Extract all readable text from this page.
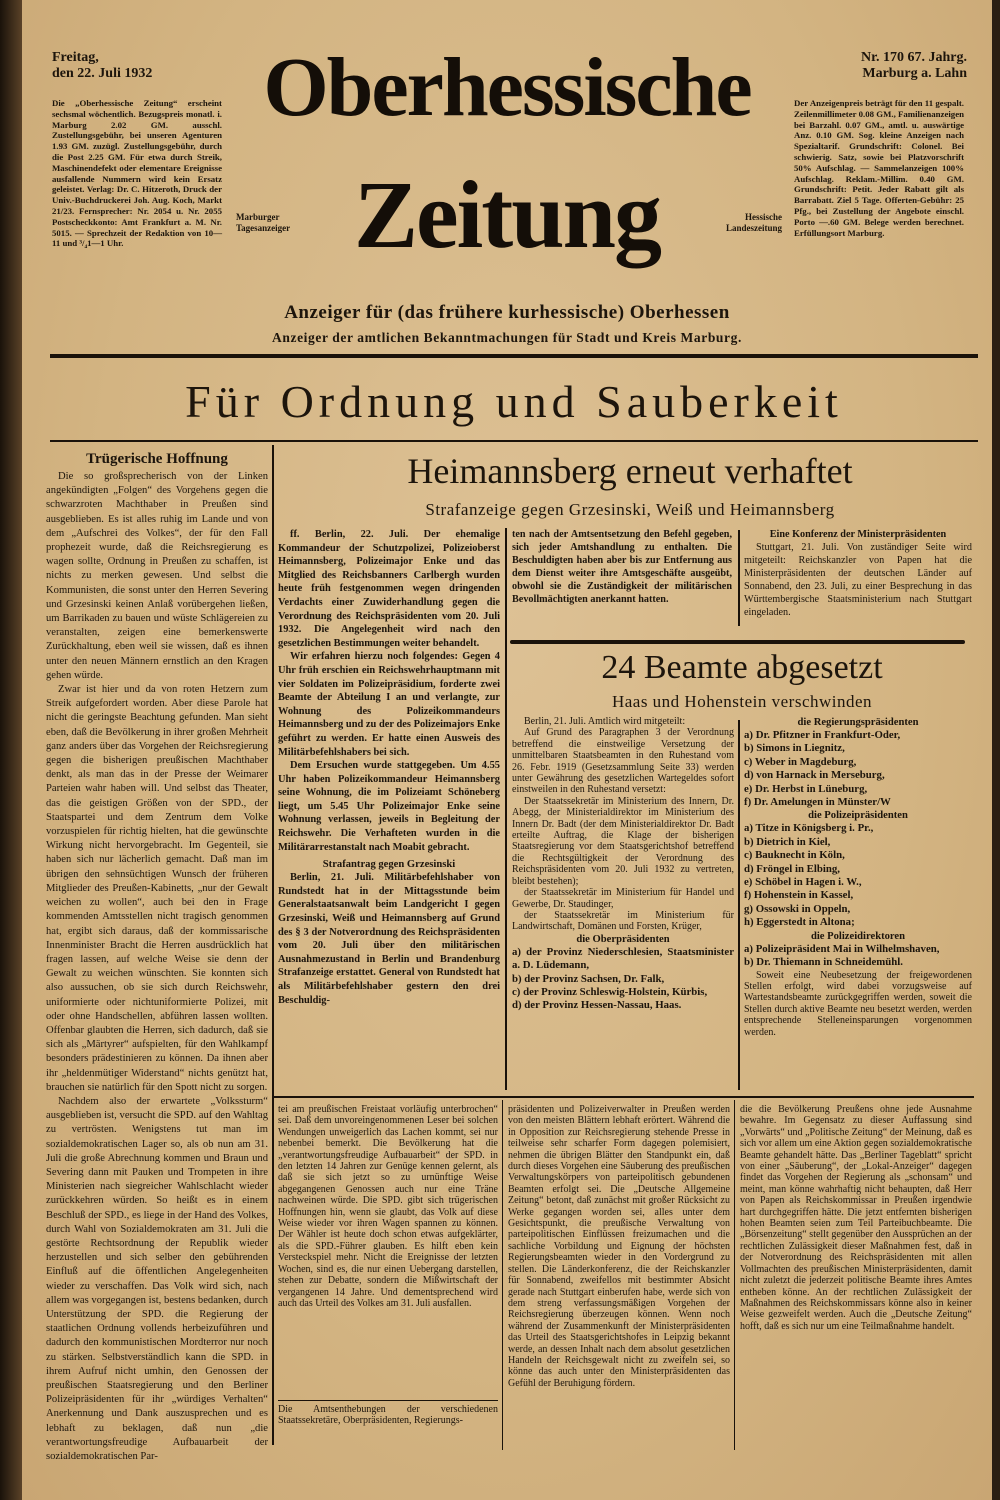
Freitag,
den 22. Juli 1932
Die „Oberhessische Zeitung“ erscheint sechsmal wöchentlich. Bezugspreis monatl. i. Marburg 2.02 GM. ausschl. Zustellungsgebühr, bei unseren Agenturen 1.93 GM. zuzügl. Zustellungsgebühr, durch die Post 2.25 GM. Für etwa durch Streik, Maschinendefekt oder elementare Ereignisse ausfallende Nummern wird kein Ersatz geleistet. Verlag: Dr. C. Hitzeroth, Druck der Univ.-Buchdruckerei Joh. Aug. Koch, Markt 21/23. Fernsprecher: Nr. 2054 u. Nr. 2055 Postscheckkonto: Amt Frankfurt a. M. Nr. 5015. — Sprechzeit der Redaktion von 10—11 und ³/₄1—1 Uhr.
Nr. 170 67. Jahrg.
Marburg a. Lahn
Der Anzeigenpreis beträgt für den 11 gespalt. Zeilenmillimeter 0.08 GM., Familienanzeigen bei Barzahl. 0.07 GM., amtl. u. auswärtige Anz. 0.10 GM. Sog. kleine Anzeigen nach Spezialtarif. Grundschrift: Colonel. Bei schwierig. Satz, sowie bei Platzvorschrift 50% Aufschlag. — Sammelanzeigen 100% Aufschlag. Reklam.-Millim. 0.40 GM. Grundschrift: Petit. Jeder Rabatt gilt als Barrabatt. Ziel 5 Tage. Offerten-Gebühr: 25 Pfg., bei Zustellung der Angebote einschl. Porto —.60 GM. Belege werden berechnet. Erfüllungsort Marburg.
Oberhessische
Zeitung
Marburger Tagesanzeiger
Hessische Landeszeitung
Anzeiger für (das frühere kurhessische) Oberhessen
Anzeiger der amtlichen Bekanntmachungen für Stadt und Kreis Marburg.
Für Ordnung und Sauberkeit
Trügerische Hoffnung

Die so großsprecherisch von der Linken angekündigten „Folgen“ des Vorgehens gegen die schwarzroten Machthaber in Preußen sind ausgeblieben. Es ist alles ruhig im Lande und von dem „Aufschrei des Volkes“, der für den Fall prophezeit wurde, daß die Reichsregierung es wagen sollte, Ordnung in Preußen zu schaffen, ist nichts zu merken gewesen. Und selbst die Kommunisten, die sonst unter den Herren Severing und Grzesinski keinen Anlaß vorübergehen ließen, um Barrikaden zu bauen und wüste Schlägereien zu veranstalten, zeigen eine bemerkenswerte Zurückhaltung, eben weil sie wissen, daß es ihnen unter den neuen Männern ernstlich an den Kragen gehen würde.

Zwar ist hier und da von roten Hetzern zum Streik aufgefordert worden. Aber diese Parole hat nicht die geringste Beachtung gefunden. Man sieht eben, daß die Bevölkerung in ihrer großen Mehrheit ganz anders über das Vorgehen der Reichsregierung gegen die bisherigen preußischen Machthaber denkt, als man das in der Presse der Weimarer Parteien wahr haben will. Und selbst das Theater, das die geistigen Größen von der SPD., der Staatspartei und dem Zentrum dem Volke vorzuspielen für richtig hielten, hat die gewünschte Wirkung nicht hervorgebracht. Im Gegenteil, sie haben sich nur lächerlich gemacht. Daß man im übrigen den sehnsüchtigen Wunsch der früheren Mitglieder des Preußen-Kabinetts, „nur der Gewalt weichen zu wollen“, auch bei den in Frage kommenden Amtsstellen nicht tragisch genommen hat, ergibt sich daraus, daß der kommissarische Innenminister Bracht die Herren ausdrücklich hat fragen lassen, auf welche Weise sie denn der Gewalt zu weichen wünschten. Sie konnten sich also aussuchen, ob sie sich durch Reichswehr, uniformierte oder nichtuniformierte Polizei, mit oder ohne Handschellen, abführen lassen wollten. Offenbar glaubten die Herren, sich dadurch, daß sie sich als „Märtyrer“ aufspielten, für den Wahlkampf besonders prädestinieren zu können. Da ihnen aber ihr „heldenmütiger Widerstand“ nichts genützt hat, brauchen sie natürlich für den Spott nicht zu sorgen.

Nachdem also der erwartete „Volkssturm“ ausgeblieben ist, versucht die SPD. auf den Wahltag zu vertrösten. Wenigstens tut man im sozialdemokratischen Lager so, als ob nun am 31. Juli die große Abrechnung kommen und Braun und Severing dann mit Pauken und Trompeten in ihre Ministerien nach siegreicher Wahlschlacht wieder zurückkehren würden. So heißt es in einem Beschluß der SPD., es liege in der Hand des Volkes, durch Wahl von Sozialdemokraten am 31. Juli die gestörte Rechtsordnung der Republik wieder herzustellen und sich selber den gebührenden Einfluß auf die öffentlichen Angelegenheiten wieder zu verschaffen. Das Volk wird sich, nach allem was vorgegangen ist, bestens bedanken, durch Unterstützung der SPD. die Regierung der staatlichen Ordnung vollends herbeizuführen und dadurch den kommunistischen Mordterror nur noch zu stärken. Selbstverständlich kann die SPD. in ihrem Aufruf nicht umhin, den Genossen der preußischen Staatsregierung und den Berliner Polizeipräsidenten für ihr „würdiges Verhalten“ Anerkennung und Dank auszusprechen und es lebhaft zu beklagen, daß nun „die verantwortungsfreudige Aufbauarbeit der sozialdemokratischen Par-

Heimannsberg erneut verhaftet
Strafanzeige gegen Grzesinski, Weiß und Heimannsberg

ff. Berlin, 22. Juli. Der ehemalige Kommandeur der Schutzpolizei, Polizeioberst Heimannsberg, Polizeimajor Enke und das Mitglied des Reichsbanners Carlbergh wurden heute früh festgenommen wegen dringenden Verdachts einer Zuwiderhandlung gegen die Verordnung des Reichspräsidenten vom 20. Juli 1932. Die Angelegenheit wird nach den gesetzlichen Bestimmungen weiter behandelt.

Wir erfahren hierzu noch folgendes: Gegen 4 Uhr früh erschien ein Reichswehrhauptmann mit vier Soldaten im Polizeipräsidium, forderte zwei Beamte der Abteilung I an und verlangte, zur Wohnung des Polizeikommandeurs Heimannsberg und zu der des Polizeimajors Enke geführt zu werden. Er hatte einen Ausweis des Militärbefehlshabers bei sich.

Dem Ersuchen wurde stattgegeben. Um 4.55 Uhr haben Polizeikommandeur Heimannsberg seine Wohnung, die im Polizeiamt Schöneberg liegt, um 5.45 Uhr Polizeimajor Enke seine Wohnung verlassen, jeweils in Begleitung der Reichswehr. Die Verhafteten wurden in die Militärarrestanstalt nach Moabit gebracht.

Strafantrag gegen Grzesinski

Berlin, 21. Juli. Militärbefehlshaber von Rundstedt hat in der Mittagsstunde beim Generalstaatsanwalt beim Landgericht I gegen Grzesinski, Weiß und Heimannsberg auf Grund des § 3 der Notverordnung des Reichspräsidenten vom 20. Juli über den militärischen Ausnahmezustand in Berlin und Brandenburg Strafanzeige erstattet. General von Rundstedt hat als Militärbefehlshaber gestern den drei Beschuldig-

ten nach der Amtsentsetzung den Befehl gegeben, sich jeder Amtshandlung zu enthalten. Die Beschuldigten haben aber bis zur Entfernung aus dem Dienst weiter ihre Amtsgeschäfte ausgeübt, obwohl sie die Zuständigkeit der militärischen Bevollmächtigten anerkannt hatten.
Eine Konferenz der Ministerpräsidenten

Stuttgart, 21. Juli. Von zuständiger Seite wird mitgeteilt: Reichskanzler von Papen hat die Ministerpräsidenten der deutschen Länder auf Sonnabend, den 23. Juli, zu einer Besprechung in das Württembergische Staatsministerium nach Stuttgart eingeladen.

24 Beamte abgesetzt
Haas und Hohenstein verschwinden

Berlin, 21. Juli. Amtlich wird mitgeteilt:

Auf Grund des Paragraphen 3 der Verordnung betreffend die einstweilige Versetzung der unmittelbaren Staatsbeamten in den Ruhestand vom 26. Febr. 1919 (Gesetzsammlung Seite 33) werden unter Gewährung des gesetzlichen Wartegeldes sofort einstweilen in den Ruhestand versetzt:

Der Staatssekretär im Ministerium des Innern, Dr. Abegg, der Ministerialdirektor im Ministerium des Innern Dr. Badt (der dem Ministerialdirektor Dr. Badt erteilte Auftrag, die Klage der bisherigen Staatsregierung vor dem Staatsgerichtshof betreffend die Rechtsgültigkeit der Verordnung des Reichspräsidenten vom 20. Juli 1932 zu vertreten, bleibt bestehen);

der Staatssekretär im Ministerium für Handel und Gewerbe, Dr. Staudinger,

der Staatssekretär im Ministerium für Landwirtschaft, Domänen und Forsten, Krüger,

die Oberpräsidenten
a) der Provinz Niederschlesien, Staatsminister a. D. Lüdemann,
b) der Provinz Sachsen, Dr. Falk,
c) der Provinz Schleswig-Holstein, Kürbis,
d) der Provinz Hessen-Nassau, Haas.
die Regierungspräsidenten
a) Dr. Pfitzner in Frankfurt-Oder,
b) Simons in Liegnitz,
c) Weber in Magdeburg,
d) von Harnack in Merseburg,
e) Dr. Herbst in Lüneburg,
f) Dr. Amelungen in Münster/W
die Polizeipräsidenten
a) Titze in Königsberg i. Pr.,
b) Dietrich in Kiel,
c) Bauknecht in Köln,
d) Fröngel in Elbing,
e) Schöbel in Hagen i. W.,
f) Hohenstein in Kassel,
g) Ossowski in Oppeln,
h) Eggerstedt in Altona;
die Polizeidirektoren
a) Polizeipräsident Mai in Wilhelmshaven,
b) Dr. Thiemann in Schneidemühl.

Soweit eine Neubesetzung der freigewordenen Stellen erfolgt, wird dabei vorzugsweise auf Wartestandsbeamte zurückgegriffen werden, soweit die Stellen durch aktive Beamte neu besetzt werden, werden entsprechende Stelleneinsparungen vorgenommen werden.

tei am preußischen Freistaat vorläufig unterbrochen“ sei. Daß dem unvoreingenommenen Leser bei solchen Wendungen unweigerlich das Lachen kommt, sei nur nebenbei bemerkt. Die Bevölkerung hat die „verantwortungsfreudige Aufbauarbeit“ der SPD. in den letzten 14 Jahren zur Genüge kennen gelernt, als daß sie sich jetzt so zu urnünftige Weise abgegangenen Genossen auch nur eine Träne nachweinen würde. Die SPD. gibt sich trügerischen Hoffnungen hin, wenn sie glaubt, das Volk auf diese Weise wieder vor ihren Wagen spannen zu können. Der Wähler ist heute doch schon etwas aufgeklärter, als die SPD.-Führer glauben. Es hilft eben kein Versteckspiel mehr. Nicht die Ereignisse der letzten Wochen, sind es, die nur einen Uebergang darstellen, stehen zur Debatte, sondern die Mißwirtschaft der vergangenen 14 Jahre. Und dementsprechend wird auch das Urteil des Volkes am 31. Juli ausfallen.
Die Amtsenthebungen der verschiedenen Staatssekretäre, Oberpräsidenten, Regierungs-
präsidenten und Polizeiverwalter in Preußen werden von den meisten Blättern lebhaft erörtert. Während die in Opposition zur Reichsregierung stehende Presse in teilweise sehr scharfer Form dagegen polemisiert, nehmen die übrigen Blätter den Standpunkt ein, daß durch dieses Vorgehen eine Säuberung des preußischen Verwaltungskörpers von parteipolitisch gebundenen Beamten erfolgt sei. Die „Deutsche Allgemeine Zeitung“ betont, daß zunächst mit großer Rücksicht zu Werke gegangen worden sei, alles unter dem Gesichtspunkt, die preußische Verwaltung von parteipolitischen Einflüssen freizumachen und die sachliche Vorbildung und Eignung der höchsten Regierungsbeamten wieder in den Vordergrund zu stellen. Die Länderkonferenz, die der Reichskanzler für Sonnabend, zweifellos mit bestimmter Absicht gerade nach Stuttgart einberufen habe, werde sich von dem streng verfassungsmäßigen Vorgehen der Reichsregierung überzeugen können. Wenn noch während der Zusammenkunft der Ministerpräsidenten das Urteil des Staatsgerichtshofes in Leipzig bekannt werde, an dessen Inhalt nach dem absolut gesetzlichen Handeln der Reichsgewalt nicht zu zweifeln sei, so könne das auch unter den Ministerpräsidenten das Gefühl der Beruhigung fördern.
die die Bevölkerung Preußens ohne jede Ausnahme bewahre. Im Gegensatz zu dieser Auffassung sind „Vorwärts“ und „Politische Zeitung“ der Meinung, daß es sich vor allem um eine Aktion gegen sozialdemokratische Beamte gehandelt hätte. Das „Berliner Tageblatt“ spricht von einer „Säuberung“, der „Lokal-Anzeiger“ dagegen findet das Vorgehen der Regierung als „schonsam“ und meint, man könne wahrhaftig nicht behaupten, daß Herr von Papen als Reichskommissar in Preußen irgendwie hart durchgegriffen hätte. Die jetzt entfernten bisherigen hohen Beamten seien zum Teil Parteibuchbeamte. Die „Börsenzeitung“ stellt gegenüber den Aussprüchen an der rechtlichen Zulässigkeit dieser Maßnahmen fest, daß in der Notverordnung des Reichspräsidenten mit allen Vollmachten des preußischen Ministerpräsidenten, damit nicht zuletzt die jederzeit politische Beamte ihres Amtes entheben könne. An der rechtlichen Zulässigkeit der Maßnahmen des Reichskommissars könne also in keiner Weise gezweifelt werden. Auch die „Deutsche Zeitung“ hofft, daß es sich nur um eine Teilmaßnahme handelt.
